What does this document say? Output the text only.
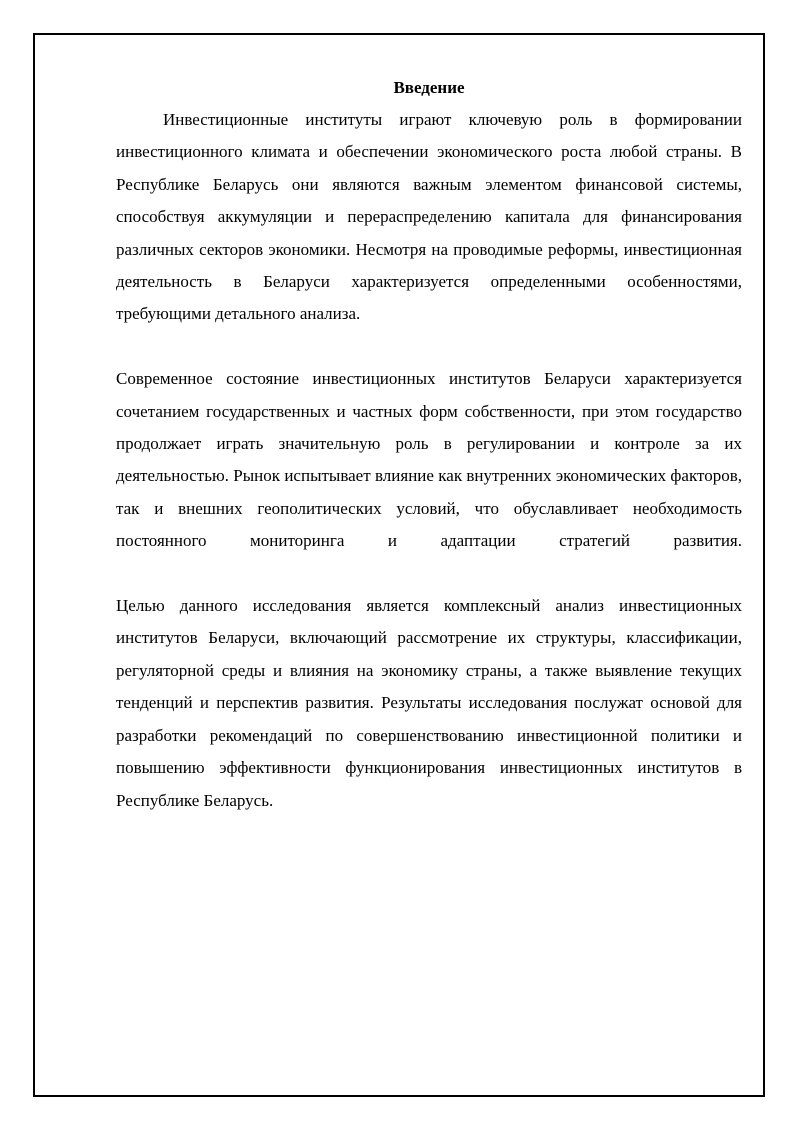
Введение

Инвестиционные институты играют ключевую роль в формировании инвестиционного климата и обеспечении экономического роста любой страны. В Республике Беларусь они являются важным элементом финансовой системы, способствуя аккумуляции и перераспределению капитала для финансирования различных секторов экономики. Несмотря на проводимые реформы, инвестиционная деятельность в Беларуси характеризуется определенными особенностями, требующими детального анализа.

Современное состояние инвестиционных институтов Беларуси характеризуется сочетанием государственных и частных форм собственности, при этом государство продолжает играть значительную роль в регулировании и контроле за их деятельностью. Рынок испытывает влияние как внутренних экономических факторов, так и внешних геополитических условий, что обуславливает необходимость постоянного мониторинга и адаптации стратегий развития.

Целью данного исследования является комплексный анализ инвестиционных институтов Беларуси, включающий рассмотрение их структуры, классификации, регуляторной среды и влияния на экономику страны, а также выявление текущих тенденций и перспектив развития. Результаты исследования послужат основой для разработки рекомендаций по совершенствованию инвестиционной политики и повышению эффективности функционирования инвестиционных институтов в Республике Беларусь.
